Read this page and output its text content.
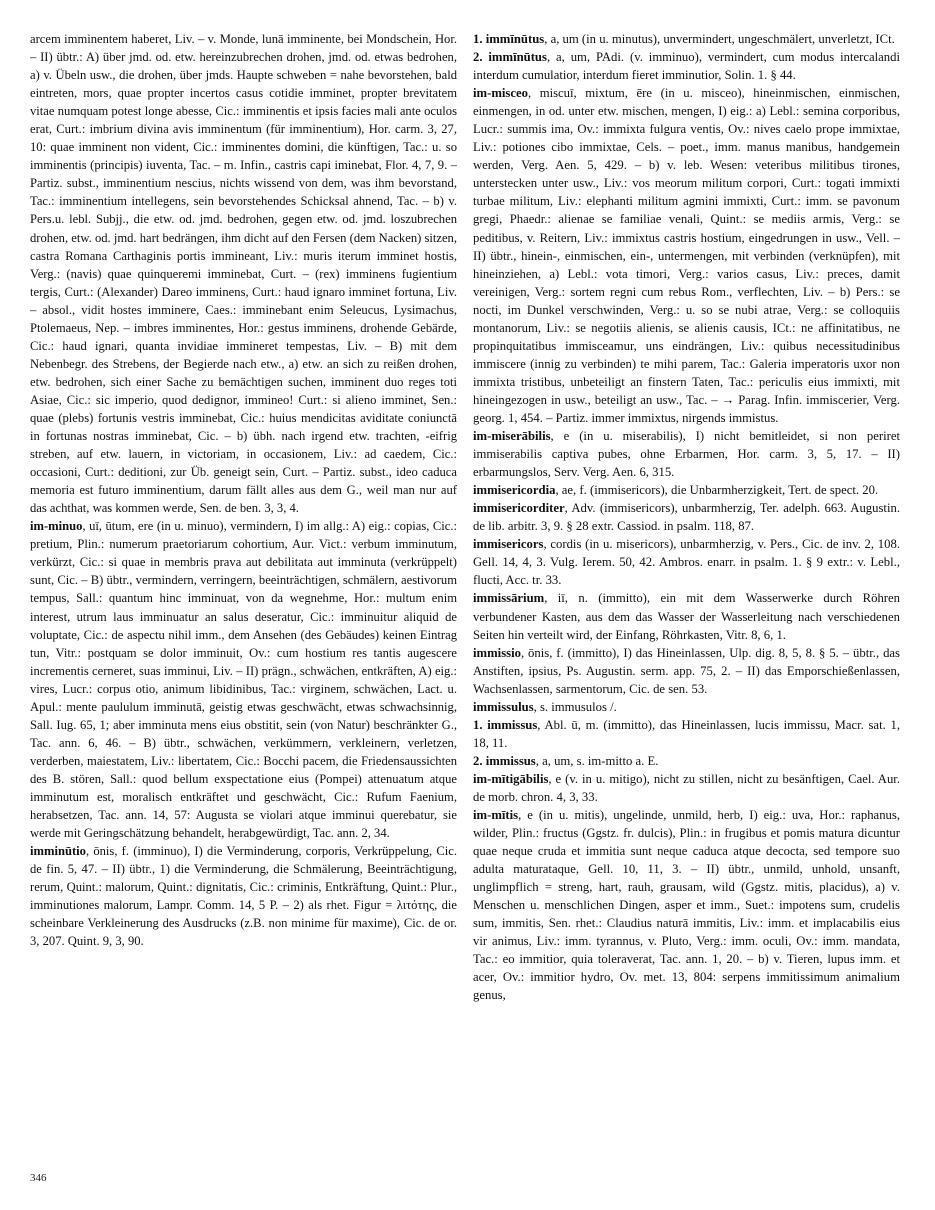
arcem imminentem haberet, Liv. – v. Monde, lunā imminente, bei Mondschein, Hor. – II) übtr.: A) über jmd. od. etw. hereinzubrechen drohen, jmd. od. etwas bedrohen, a) v. Übeln usw., die drohen, über jmds. Haupte schweben = nahe bevorstehen, bald eintreten, mors, quae propter incertos casus cotidie imminet, propter brevitatem vitae numquam potest longe abesse, Cic.: imminentis et ipsis facies mali ante oculos erat, Curt.: imbrium divina avis imminentum (für imminentium), Hor. carm. 3, 27, 10: quae imminent non vident, Cic.: imminentes domini, die künftigen, Tac.: u. so imminentis (principis) iuventa, Tac. – m. Infin., castris capi iminebat, Flor. 4, 7, 9. – Partiz. subst., imminentium nescius, nichts wissend von dem, was ihm bevorstand, Tac.: imminentium intellegens, sein bevorstehendes Schicksal ahnend, Tac. – b) v. Pers.u. lebl. Subjj., die etw. od. jmd. bedrohen, gegen etw. od. jmd. loszubrechen drohen, etw. od. jmd. hart bedrängen, ihm dicht auf den Fersen (dem Nacken) sitzen, castra Romana Carthaginis portis immineant, Liv.: muris iterum imminet hostis, Verg.: (navis) quae quinqueremi imminebat, Curt. – (rex) imminens fugientium tergis, Curt.: (Alexander) Dareo imminens, Curt.: haud ignaro imminet fortuna, Liv. – absol., vidit hostes imminere, Caes.: imminebant enim Seleucus, Lysimachus, Ptolemaeus, Nep. – imbres imminentes, Hor.: gestus imminens, drohende Gebärde, Cic.: haud ignari, quanta invidiae immineret tempestas, Liv. – B) mit dem Nebenbegr. des Strebens, der Begierde nach etw., a) etw. an sich zu reißen drohen, etw. bedrohen, sich einer Sache zu bemächtigen suchen, imminent duo reges toti Asiae, Cic.: sic imperio, quod dedignor, immineo! Curt.: si alieno imminet, Sen.: quae (plebs) fortunis vestris imminebat, Cic.: huius mendicitas aviditate coniunctā in fortunas nostras imminebat, Cic. – b) übh. nach irgend etw. trachten, -eifrig streben, auf etw. lauern, in victoriam, in occasionem, Liv.: ad caedem, Cic.: occasioni, Curt.: deditioni, zur Üb. geneigt sein, Curt. – Partiz. subst., ideo caduca memoria est futuro imminentium, darum fällt alles aus dem G., weil man nur auf das achthat, was kommen werde, Sen. de ben. 3, 3, 4.

im-minuo, uī, ūtum, ere (in u. minuo), vermindern, I) im allg.: A) eig.: copias, Cic.: pretium, Plin.: numerum praetoriarum cohortium, Aur. Vict.: verbum imminutum, verkürzt, Cic.: si quae in membris prava aut debilitata aut imminuta (verkrüppelt) sunt, Cic. – B) übtr., vermindern, verringern, beeinträchtigen, schmälern, aestivorum tempus, Sall.: quantum hinc imminuat, von da wegnehme, Hor.: multum enim interest, utrum laus imminuatur an salus deseratur, Cic.: imminuitur aliquid de voluptate, Cic.: de aspectu nihil imm., dem Ansehen (des Gebäudes) keinen Eintrag tun, Vitr.: postquam se dolor imminuit, Ov.: cum hostium res tantis augescere incrementis cerneret, suas imminui, Liv. – II) prägn., schwächen, entkräften, A) eig.: vires, Lucr.: corpus otio, animum libidinibus, Tac.: virginem, schwächen, Lact. u. Apul.: mente paululum imminutā, geistig etwas geschwächt, etwas schwachsinnig, Sall. Iug. 65, 1; aber imminuta mens eius obstitit, sein (von Natur) beschränkter G., Tac. ann. 6, 46. – B) übtr., schwächen, verkümmern, verkleinern, verletzen, verderben, maiestatem, Liv.: libertatem, Cic.: Bocchi pacem, die Friedensaussichten des B. stören, Sall.: quod bellum exspectatione eius (Pompei) attenuatum atque imminutum est, moralisch entkräftet und geschwächt, Cic.: Rufum Faenium, herabsetzen, Tac. ann. 14, 57: Augusta se violari atque imminui querebatur, sie werde mit Geringschätzung behandelt, herabgewürdigt, Tac. ann. 2, 34.

imminūtio, ōnis, f. (imminuo), I) die Verminderung, corporis, Verkrüppelung, Cic. de fin. 5, 47. – II) übtr., 1) die Verminderung, die Schmälerung, Beeinträchtigung, rerum, Quint.: malorum, Quint.: dignitatis, Cic.: criminis, Entkräftung, Quint.: Plur., imminutiones malorum, Lampr. Comm. 14, 5 P. – 2) als rhet. Figur = λιτότης, die scheinbare Verkleinerung des Ausdrucks (z.B. non minime für maxime), Cic. de or. 3, 207. Quint. 9, 3, 90.

1. immīnūtus, a, um (in u. minutus), unvermindert, ungeschmälert, unverletzt, ICt.

2. immīnūtus, a, um, PAdi. (v. imminuo), vermindert, cum modus intercalandi interdum cumulatior, interdum fieret imminutior, Solin. 1. § 44.

im-misceo, miscuī, mixtum, ēre (in u. misceo), hineinmischen, einmischen, einmengen, in od. unter etw. mischen, mengen, I) eig.: a) Lebl.: semina corporibus, Lucr.: summis ima, Ov.: immixta fulgura ventis, Ov.: nives caelo prope immixtae, Liv.: potiones cibo immixtae, Cels. – poet., imm. manus manibus, handgemein werden, Verg. Aen. 5, 429. – b) v. leb. Wesen: veteribus militibus tirones, unterstecken unter usw., Liv.: vos meorum militum corpori, Curt.: togati immixti turbae militum, Liv.: elephanti militum agmini immixti, Curt.: imm. se pavonum gregi, Phaedr.: alienae se familiae venali, Quint.: se mediis armis, Verg.: se peditibus, v. Reitern, Liv.: immixtus castris hostium, eingedrungen in usw., Vell. – II) übtr., hinein-, einmischen, ein-, untermengen, mit verbinden (verknüpfen), mit hineinziehen, a) Lebl.: vota timori, Verg.: varios casus, Liv.: preces, damit vereinigen, Verg.: sortem regni cum rebus Rom., verflechten, Liv. – b) Pers.: se nocti, im Dunkel verschwinden, Verg.: u. so se nubi atrae, Verg.: se colloquiis montanorum, Liv.: se negotiis alienis, se alienis causis, ICt.: ne affinitatibus, ne propinquitatibus immisceamur, uns eindrängen, Liv.: quibus necessitudinibus immiscere (innig zu verbinden) te mihi parem, Tac.: Galeria imperatoris uxor non immixta tristibus, unbeteiligt an finstern Taten, Tac.: periculis eius immixti, mit hineingezogen in usw., beteiligt an usw., Tac. – → Parag. Infin. immiscerier, Verg. georg. 1, 454. – Partiz. immer immixtus, nirgends immistus.

im-miserābilis, e (in u. miserabilis), I) nicht bemitleidet, si non periret immiserabilis captiva pubes, ohne Erbarmen, Hor. carm. 3, 5, 17. – II) erbarmungslos, Serv. Verg. Aen. 6, 315.

immisericordia, ae, f. (immisericors), die Unbarmherzigkeit, Tert. de spect. 20.

immisericorditer, Adv. (immisericors), unbarmherzig, Ter. adelph. 663. Augustin. de lib. arbitr. 3, 9. § 28 extr. Cassiod. in psalm. 118, 87.

immisericors, cordis (in u. misericors), unbarmherzig, v. Pers., Cic. de inv. 2, 108. Gell. 14, 4, 3. Vulg. Ierem. 50, 42. Ambros. enarr. in psalm. 1. § 9 extr.: v. Lebl., flucti, Acc. tr. 33.

immissārium, iī, n. (immitto), ein mit dem Wasserwerke durch Röhren verbundener Kasten, aus dem das Wasser der Wasserleitung nach verschiedenen Seiten hin verteilt wird, der Einfang, Röhrkasten, Vitr. 8, 6, 1.

immissio, ōnis, f. (immitto), I) das Hineinlassen, Ulp. dig. 8, 5, 8. § 5. – übtr., das Anstiften, ipsius, Ps. Augustin. serm. app. 75, 2. – II) das Emporschießenlassen, Wachsenlassen, sarmentorum, Cic. de sen. 53.

immissulus, s. immusulos /.

1. immissus, Abl. ū, m. (immitto), das Hineinlassen, lucis immissu, Macr. sat. 1, 18, 11.

2. immissus, a, um, s. im-mitto a. E.

im-mītigābilis, e (v. in u. mitigo), nicht zu stillen, nicht zu besänftigen, Cael. Aur. de morb. chron. 4, 3, 33.

im-mītis, e (in u. mitis), ungelinde, unmild, herb, I) eig.: uva, Hor.: raphanus, wilder, Plin.: fructus (Ggstz. fr. dulcis), Plin.: in frugibus et pomis matura dicuntur quae neque cruda et immitia sunt neque caduca atque decocta, sed tempore suo adulta maturataque, Gell. 10, 11, 3. – II) übtr., unmild, unhold, unsanft, unglimpflich = streng, hart, rauh, grausam, wild (Ggstz. mitis, placidus), a) v. Menschen u. menschlichen Dingen, asper et imm., Suet.: impotens sum, crudelis sum, immitis, Sen. rhet.: Claudius naturā immitis, Liv.: imm. et implacabilis eius vir animus, Liv.: imm. tyrannus, v. Pluto, Verg.: imm. oculi, Ov.: imm. mandata, Tac.: eo immitior, quia toleraverat, Tac. ann. 1, 20. – b) v. Tieren, lupus imm. et acer, Ov.: immitior hydro, Ov. met. 13, 804: serpens immitissimum animalium genus,

346
